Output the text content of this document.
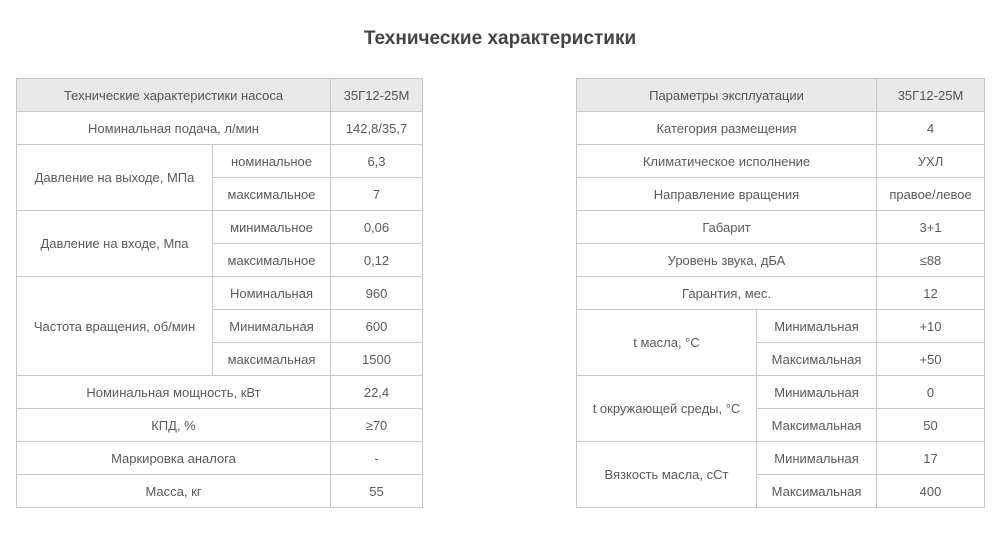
Технические характеристики
Технические характеристики насоса		35Г12-25М
Номинальная подача, л/мин		142,8/35,7
Давление на выходе, МПа	номинальное	6,3
	максимальное	7
Давление на входе, Мпа	минимальное	0,06
	максимальное	0,12
Частота вращения, об/мин	Номинальная	960
	Минимальная	600
	максимальная	1500
Номинальная мощность, кВт		22,4
КПД, %		≥70
Маркировка аналога		-
Масса, кг		55
Параметры эксплуатации		35Г12-25М
Категория размещения		4
Климатическое исполнение		УХЛ
Направление вращения		правое/левое
Габарит		3+1
Уровень звука, дБА		≤88
Гарантия, мес.		12
t масла, °С	Минимальная	+10
	Максимальная	+50
t окружающей среды, °С	Минимальная	0
	Максимальная	50
Вязкость масла, сСт	Минимальная	17
	Максимальная	400
